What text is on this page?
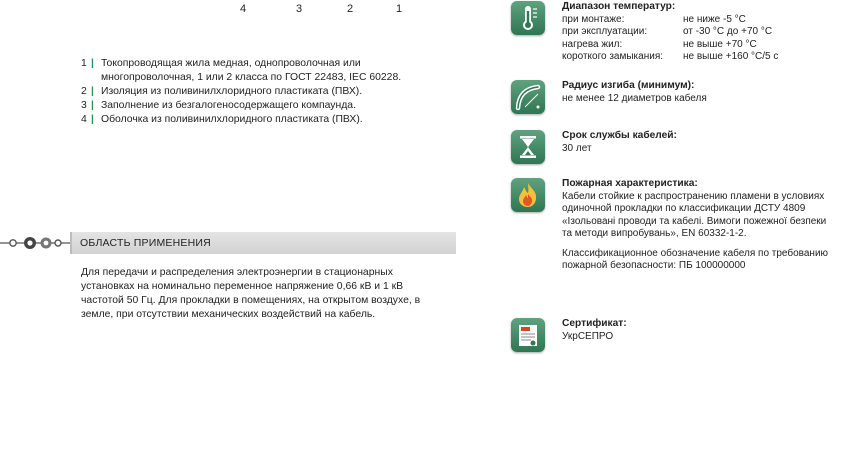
4	3	2	1
1 | Токопроводящая жила медная, однопроволочная или многопроволочная, 1 или 2 класса по ГОСТ 22483, IEC 60228.
2 | Изоляция из поливинилхлоридного пластиката (ПВХ).
3 | Заполнение из безгалогеносодержащего компаунда.
4 | Оболочка из поливинилхлоридного пластиката (ПВХ).
ОБЛАСТЬ ПРИМЕНЕНИЯ
Для передачи и распределения электроэнергии в стационарных установках на номинально переменное напряжение 0,66 кВ и 1 кВ частотой 50 Гц. Для прокладки в помещениях, на открытом воздухе, в земле, при отсутствии механических воздействий на кабель.
Диапазон температур:
при монтаже:	не ниже -5 °С
при эксплуатации:	от -30 °С до +70 °С
нагрева жил:	не выше +70 °С
короткого замыкания:	не выше +160 °С/5 с
Радиус изгиба (минимум):
не менее 12 диаметров кабеля
Срок службы кабелей:
30 лет
Пожарная характеристика:
Кабели стойкие к распространению пламени в условиях одиночной прокладки по классификации ДСТУ 4809 «Ізольовані проводи та кабелі. Вимоги пожежної безпеки та методи випробувань», EN 60332-1-2.
Классификационное обозначение кабеля по требованию пожарной безопасности: ПБ 100000000
Сертификат:
УкрСЕПРО
